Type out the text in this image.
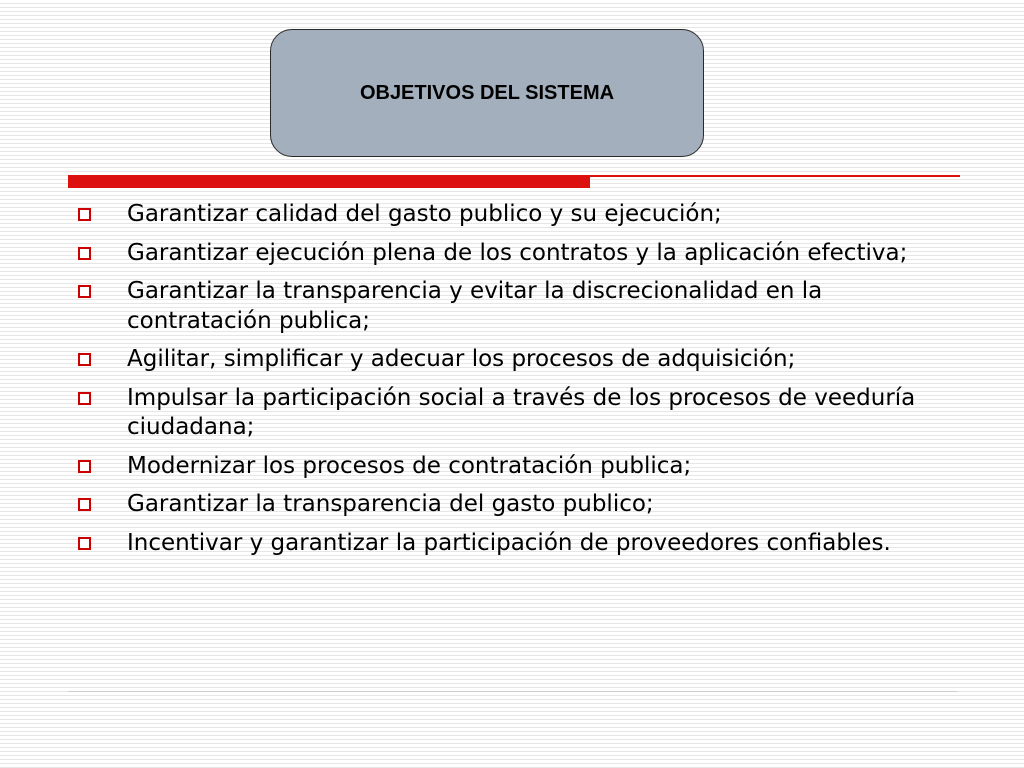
OBJETIVOS DEL SISTEMA
Garantizar calidad del gasto publico y su ejecución;
Garantizar ejecución plena de los contratos y la aplicación efectiva;
Garantizar la transparencia y evitar la discrecionalidad en la contratación publica;
Agilitar, simplificar y adecuar los procesos de adquisición;
Impulsar la participación social a través de los procesos de veeduría ciudadana;
Modernizar los procesos de contratación publica;
Garantizar la transparencia del gasto publico;
Incentivar y garantizar la participación de proveedores confiables.
